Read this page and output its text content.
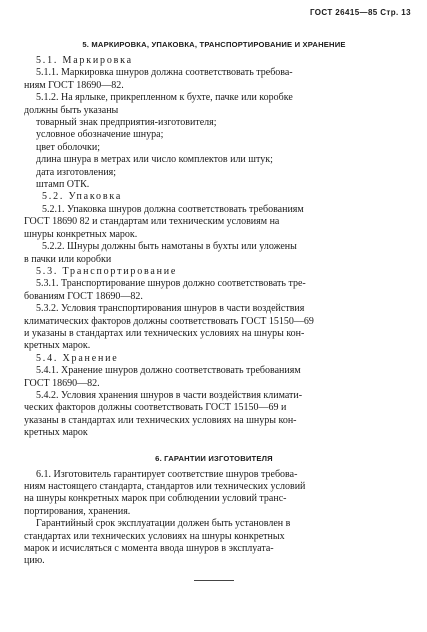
ГОСТ 26415—85 Стр. 13
5. МАРКИРОВКА, УПАКОВКА, ТРАНСПОРТИРОВАНИЕ И ХРАНЕНИЕ
5.1. Маркировка
5.1.1. Маркировка шнуров должна соответствовать требова-
ниям ГОСТ 18690—82.
5.1.2. На ярлыке, прикрепленном к бухте, пачке или коробке
должны быть указаны
товарный знак предприятия-изготовителя;
условное обозначение шнура;
цвет оболочки;
длина шнура в метрах или число комплектов или штук;
дата изготовления;
штамп ОТК.
5.2. Упаковка
5.2.1. Упаковка шнуров должна соответствовать требованиям
ГОСТ 18690 82 и стандартам или техническим условиям на
шнуры конкретных марок.
5.2.2. Шнуры должны быть намотаны в бухты или уложены
в пачки или коробки
5.3. Транспортирование
5.3.1. Транспортирование шнуров должно соответствовать тре-
бованиям ГОСТ 18690—82.
5.3.2. Условия транспортирования шнуров в части воздействия
климатических факторов должны соответствовать ГОСТ 15150—69
и указаны в стандартах или технических условиях на шнуры кон-
кретных марок.
5.4. Хранение
5.4.1. Хранение шнуров должно соответствовать требованиям
ГОСТ 18690—82.
5.4.2. Условия хранения шнуров в части воздействия климати-
ческих факторов должны соответствовать ГОСТ 15150—69 и
указаны в стандартах или технических условиях на шнуры кон-
кретных марок
6. ГАРАНТИИ ИЗГОТОВИТЕЛЯ
6.1. Изготовитель гарантирует соответствие шнуров требова-
ниям настоящего стандарта, стандартов или технических условий
на шнуры конкретных марок при соблюдении условий транс-
портирования, хранения.
Гарантийный срок эксплуатации должен быть установлен в
стандартах или технических условиях на шнуры конкретных
марок и исчисляться с момента ввода шнуров в эксплуата-
цию.
